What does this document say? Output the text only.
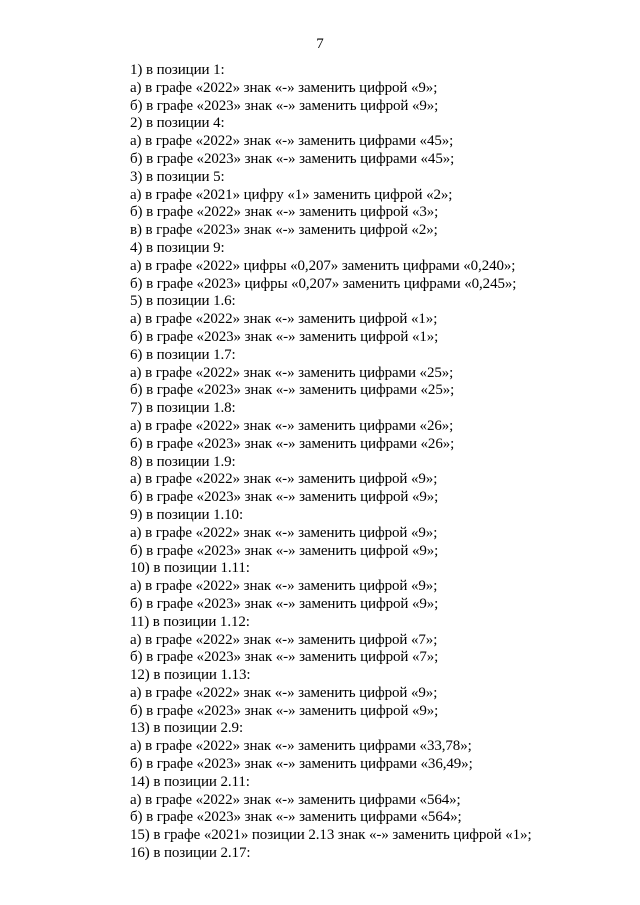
7
1) в позиции 1:
а) в графе «2022» знак «-» заменить цифрой «9»;
б) в графе «2023» знак «-» заменить цифрой «9»;
2) в позиции 4:
а) в графе «2022» знак «-» заменить цифрами «45»;
б) в графе «2023» знак «-» заменить цифрами «45»;
3) в позиции 5:
а) в графе «2021» цифру «1» заменить цифрой «2»;
б) в графе «2022» знак «-» заменить цифрой «3»;
в) в графе «2023» знак «-» заменить цифрой «2»;
4) в позиции 9:
а) в графе «2022» цифры «0,207» заменить цифрами «0,240»;
б) в графе «2023» цифры «0,207» заменить цифрами «0,245»;
5) в позиции 1.6:
а) в графе «2022» знак «-» заменить цифрой «1»;
б) в графе «2023» знак «-» заменить цифрой «1»;
6) в позиции 1.7:
а) в графе «2022» знак «-» заменить цифрами «25»;
б) в графе «2023» знак «-» заменить цифрами «25»;
7) в позиции 1.8:
а) в графе «2022» знак «-» заменить цифрами «26»;
б) в графе «2023» знак «-» заменить цифрами «26»;
8) в позиции 1.9:
а) в графе «2022» знак «-» заменить цифрой «9»;
б) в графе «2023» знак «-» заменить цифрой «9»;
9) в позиции 1.10:
а) в графе «2022» знак «-» заменить цифрой «9»;
б) в графе «2023» знак «-» заменить цифрой «9»;
10) в позиции 1.11:
а) в графе «2022» знак «-» заменить цифрой «9»;
б) в графе «2023» знак «-» заменить цифрой «9»;
11) в позиции 1.12:
а) в графе «2022» знак «-» заменить цифрой «7»;
б) в графе «2023» знак «-» заменить цифрой «7»;
12) в позиции 1.13:
а) в графе «2022» знак «-» заменить цифрой «9»;
б) в графе «2023» знак «-» заменить цифрой «9»;
13) в позиции 2.9:
а) в графе «2022» знак «-» заменить цифрами «33,78»;
б) в графе «2023» знак «-» заменить цифрами «36,49»;
14) в позиции 2.11:
а) в графе «2022» знак «-» заменить цифрами «564»;
б) в графе «2023» знак «-» заменить цифрами «564»;
15) в графе «2021» позиции 2.13 знак «-» заменить цифрой «1»;
16) в позиции 2.17:
